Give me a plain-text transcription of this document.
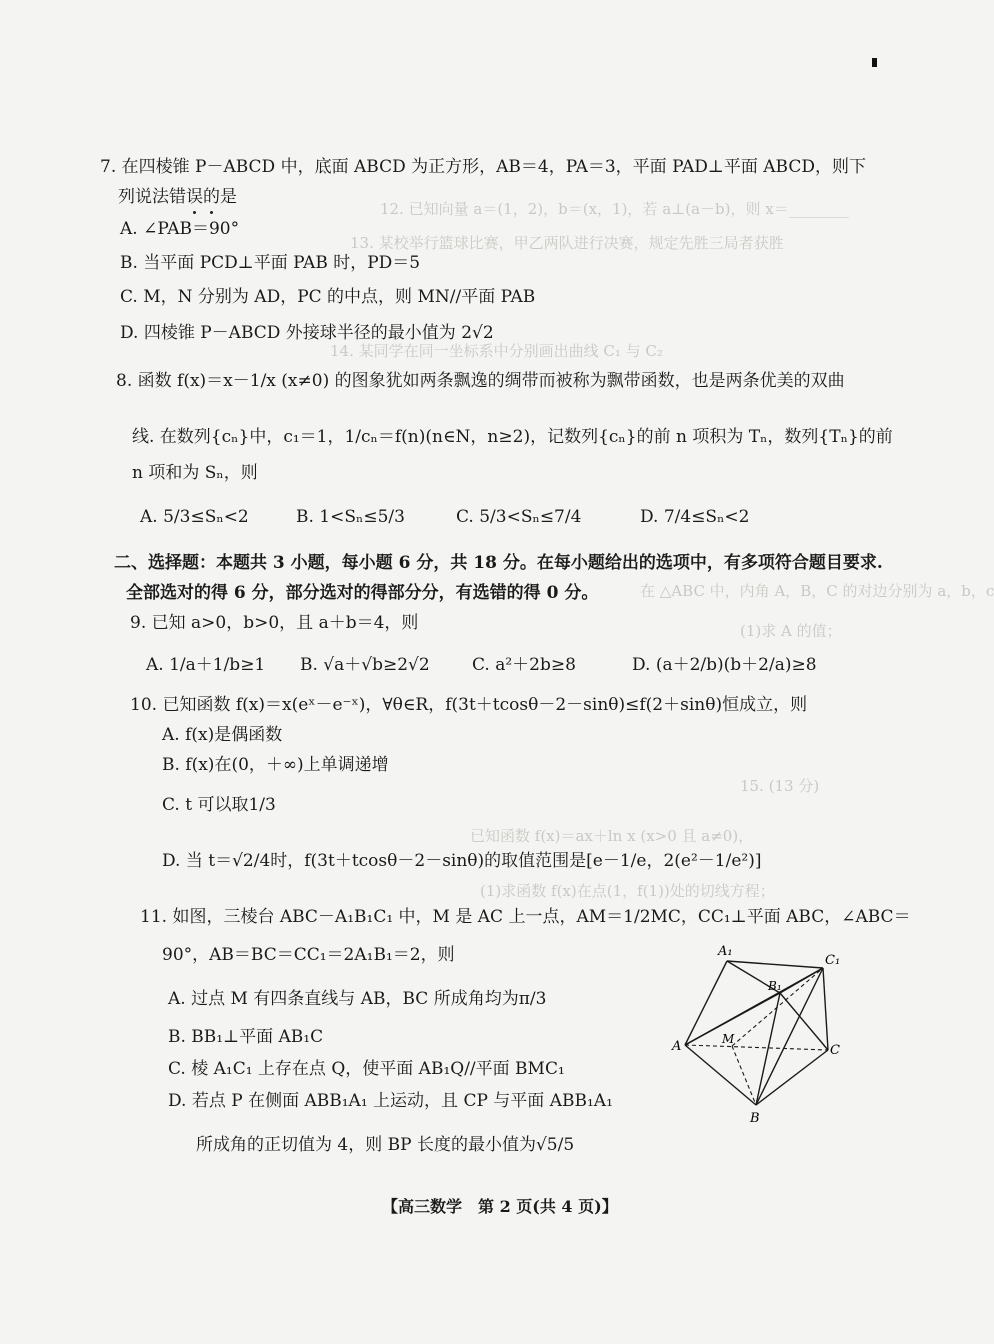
12. 已知向量 a＝(1，2)，b＝(x，1)，若 a⊥(a－b)，则 x＝________
13. 某校举行篮球比赛，甲乙两队进行决赛，规定先胜三局者获胜
14. 某同学在同一坐标系中分别画出曲线 C₁ 与 C₂
在 △ABC 中，内角 A，B，C 的对边分别为 a，b，c
(1)求 A 的值；
15. (13 分)
已知函数 f(x)＝ax＋ln x (x>0 且 a≠0)，
(1)求函数 f(x)在点(1，f(1))处的切线方程；
7. 在四棱锥 P－ABCD 中，底面 ABCD 为正方形，AB＝4，PA＝3，平面 PAD⊥平面 ABCD，则下
列说法错误的是
A. ∠PAB＝90°
B. 当平面 PCD⊥平面 PAB 时，PD＝5
C. M，N 分别为 AD，PC 的中点，则 MN//平面 PAB
D. 四棱锥 P－ABCD 外接球半径的最小值为 2√2
8. 函数 f(x)＝x－1/x (x≠0) 的图象犹如两条飘逸的绸带而被称为飘带函数，也是两条优美的双曲
线. 在数列{cₙ}中，c₁＝1，1/cₙ＝f(n)(n∈N，n≥2)，记数列{cₙ}的前 n 项积为 Tₙ，数列{Tₙ}的前
n 项和为 Sₙ，则
A. 5/3≤Sₙ<2	B. 1<Sₙ≤5/3	C. 5/3<Sₙ≤7/4	D. 7/4≤Sₙ<2
二、选择题：本题共 3 小题，每小题 6 分，共 18 分。在每小题给出的选项中，有多项符合题目要求.
全部选对的得 6 分，部分选对的得部分分，有选错的得 0 分。
9. 已知 a>0，b>0，且 a＋b＝4，则
A. 1/a＋1/b≥1 B. √a＋√b≥2√2 C. a²＋2b≥8	D. (a＋2/b)(b＋2/a)≥8
10. 已知函数 f(x)＝x(eˣ－e⁻ˣ)，∀θ∈R，f(3t＋tcosθ－2－sinθ)≤f(2＋sinθ)恒成立，则
A. f(x)是偶函数
B. f(x)在(0，＋∞)上单调递增
C. t 可以取1/3
D. 当 t＝√2/4时，f(3t＋tcosθ－2－sinθ)的取值范围是[e－1/e，2(e²－1/e²)]
11. 如图，三棱台 ABC－A₁B₁C₁ 中，M 是 AC 上一点，AM＝1/2MC，CC₁⊥平面 ABC，∠ABC＝
90°，AB＝BC＝CC₁＝2A₁B₁＝2，则
A. 过点 M 有四条直线与 AB，BC 所成角均为π/3
B. BB₁⊥平面 AB₁C
C. 棱 A₁C₁ 上存在点 Q，使平面 AB₁Q//平面 BMC₁
D. 若点 P 在侧面 ABB₁A₁ 上运动，且 CP 与平面 ABB₁A₁
所成角的正切值为 4，则 BP 长度的最小值为√5/5
A₁
C₁
B₁
A	M
C
B
【高三数学　第 2 页(共 4 页)】
